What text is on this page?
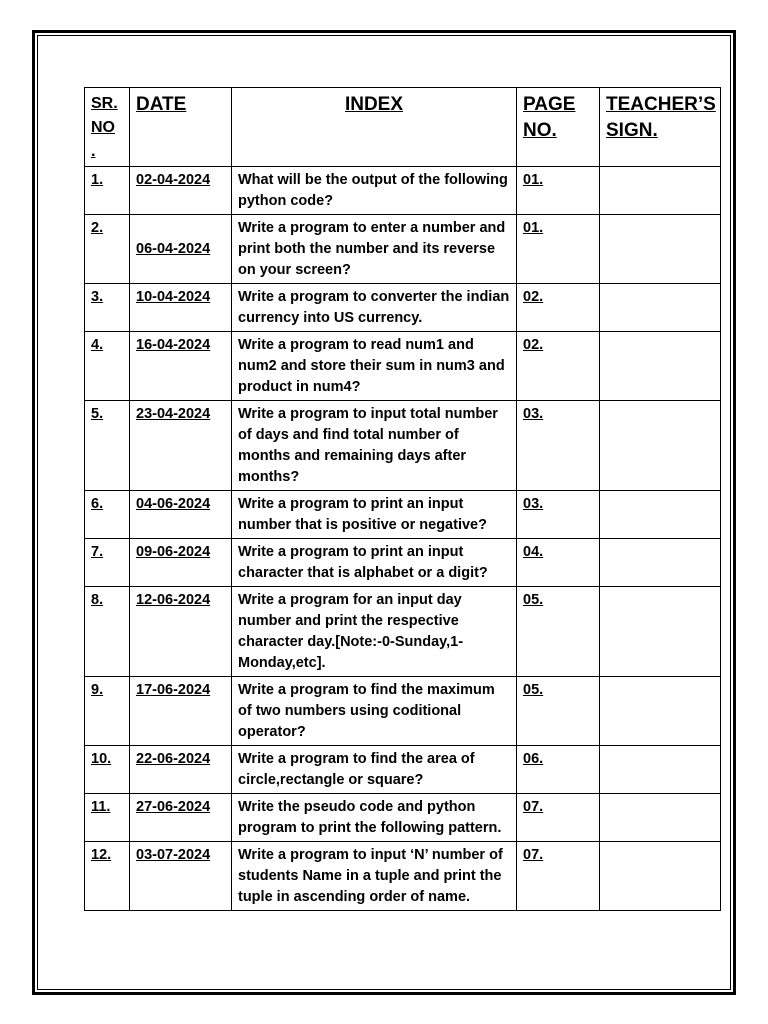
SR. NO .	DATE	INDEX	PAGE NO.	TEACHER’S SIGN.
1.	02-04-2024	What will be the output of the following python code?	01.	
2.	06-04-2024	Write a program to enter a number and print both the number and its reverse on your screen?	01.	
3.	10-04-2024	Write a program to converter the indian currency into US currency.	02.	
4.	16-04-2024	Write a program to read num1 and num2 and store their sum in num3 and product in num4?	02.	
5.	23-04-2024	Write a program to input total number of days and find total number of months and remaining days after months?	03.	
6.	04-06-2024	Write a program to print an input number that is positive or negative?	03.	
7.	09-06-2024	Write a program to print an input character that is alphabet or a digit?	04.	
8.	12-06-2024	Write a program for an input day number and print the respective character day.[Note:-0-Sunday,1-Monday,etc].	05.	
9.	17-06-2024	Write a program to find the maximum of two numbers using coditional operator?	05.	
10.	22-06-2024	Write a program to find the area of circle,rectangle or square?	06.	
11.	27-06-2024	Write the pseudo code and python program to print the following pattern.	07.	
12.	03-07-2024	Write a program to input ‘N’ number of students Name in a tuple and print the tuple in ascending order of name.	07.	
